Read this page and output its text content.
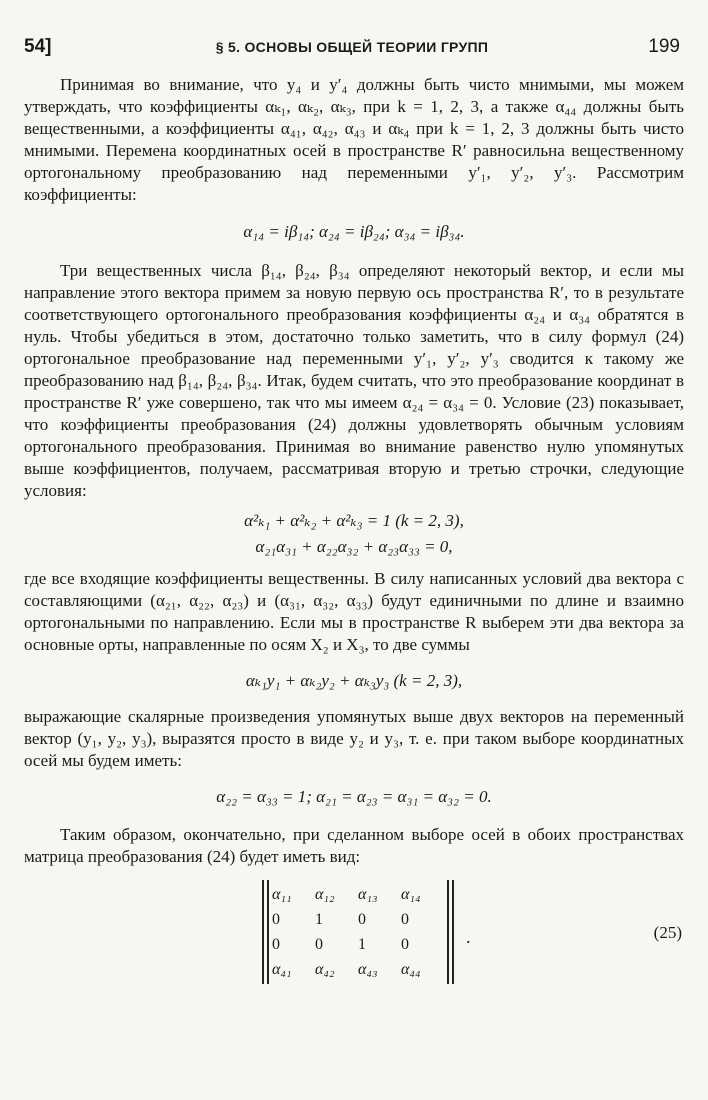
54]	§ 5. ОСНОВЫ ОБЩЕЙ ТЕОРИИ ГРУПП	199

Принимая во внимание, что y₄ и y′₄ должны быть чисто мнимыми, мы можем утверждать, что коэффициенты αₖ₁, αₖ₂, αₖ₃, при k = 1, 2, 3, а также α₄₄ должны быть вещественными, а коэффициенты α₄₁, α₄₂, α₄₃ и αₖ₄ при k = 1, 2, 3 должны быть чисто мнимыми. Перемена координатных осей в пространстве R′ равносильна вещественному ортогональному преобразованию над переменными y′₁, y′₂, y′₃. Рассмотрим коэффициенты:

α₁₄ = iβ₁₄; α₂₄ = iβ₂₄; α₃₄ = iβ₃₄.

Три вещественных числа β₁₄, β₂₄, β₃₄ определяют некоторый вектор, и если мы направление этого вектора примем за новую первую ось пространства R′, то в результате соответствующего ортогонального преобразования коэффициенты α₂₄ и α₃₄ обратятся в нуль. Чтобы убедиться в этом, достаточно только заметить, что в силу формул (24) ортогональное преобразование над переменными y′₁, y′₂, y′₃ сводится к такому же преобразованию над β₁₄, β₂₄, β₃₄. Итак, будем считать, что это преобразование координат в пространстве R′ уже совершено, так что мы имеем α₂₄ = α₃₄ = 0. Условие (23) показывает, что коэффициенты преобразования (24) должны удовлетворять обычным условиям ортогонального преобразования. Принимая во внимание равенство нулю упомянутых выше коэффициентов, получаем, рассматривая вторую и третью строчки, следующие условия:

α²ₖ₁ + α²ₖ₂ + α²ₖ₃ = 1 (k = 2, 3),
α₂₁α₃₁ + α₂₂α₃₂ + α₂₃α₃₃ = 0,

где все входящие коэффициенты вещественны. В силу написанных условий два вектора с составляющими (α₂₁, α₂₂, α₂₃) и (α₃₁, α₃₂, α₃₃) будут единичными по длине и взаимно ортогональными по направлению. Если мы в пространстве R выберем эти два вектора за основные орты, направленные по осям X₂ и X₃, то две суммы

αₖ₁y₁ + αₖ₂y₂ + αₖ₃y₃ (k = 2, 3),

выражающие скалярные произведения упомянутых выше двух векторов на переменный вектор (y₁, y₂, y₃), выразятся просто в виде y₂ и y₃, т. е. при таком выборе координатных осей мы будем иметь:

α₂₂ = α₃₃ = 1; α₂₁ = α₂₃ = α₃₁ = α₃₂ = 0.

Таким образом, окончательно, при сделанном выборе осей в обоих пространствах матрица преобразования (24) будет иметь вид:

α₁₁	α₁₂	α₁₃	α₁₄
0	1	0	0
0	0	1	0
α₄₁	α₄₂	α₄₃	α₄₄
.	(25)
